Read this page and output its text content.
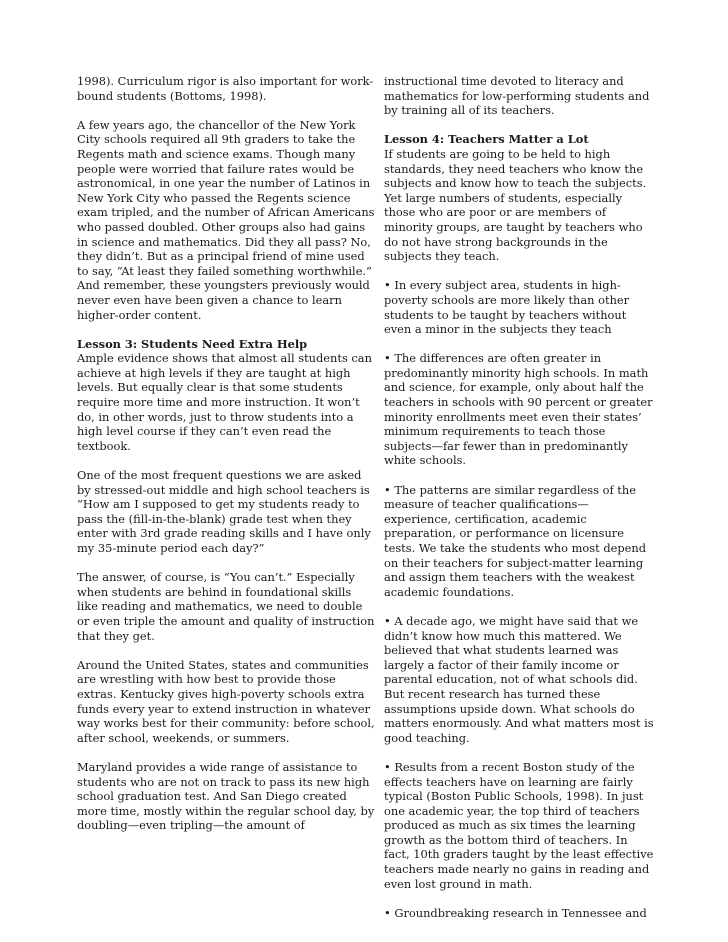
1998). Curriculum rigor is also important for work-bound students (Bottoms, 1998).

A few years ago, the chancellor of the New York City schools required all 9th graders to take the Regents math and science exams. Though many people were worried that failure rates would be astronomical, in one year the number of Latinos in New York City who passed the Regents science exam tripled, and the number of African Americans who passed doubled. Other groups also had gains in science and mathematics. Did they all pass? No, they didn’t. But as a principal friend of mine used to say, “At least they failed something worthwhile.” And remember, these youngsters previously would never even have been given a chance to learn higher-order content.

Lesson 3: Students Need Extra Help
Ample evidence shows that almost all students can achieve at high levels if they are taught at high levels. But equally clear is that some students require more time and more instruction. It won’t do, in other words, just to throw students into a high level course if they can’t even read the textbook.

One of the most frequent questions we are asked by stressed-out middle and high school teachers is “How am I supposed to get my students ready to pass the (fill-in-the-blank) grade test when they enter with 3rd grade reading skills and I have only my 35-minute period each day?”

The answer, of course, is “You can’t.” Especially when students are behind in foundational skills like reading and mathematics, we need to double or even triple the amount and quality of instruction that they get.

Around the United States, states and communities are wrestling with how best to provide those extras. Kentucky gives high-poverty schools extra funds every year to extend instruction in whatever way works best for their community: before school, after school, weekends, or summers.

Maryland provides a wide range of assistance to students who are not on track to pass its new high school graduation test. And San Diego created more time, mostly within the regular school day, by doubling—even tripling—the amount of

instructional time devoted to literacy and mathematics for low-performing students and by training all of its teachers.

Lesson 4: Teachers Matter a Lot
If students are going to be held to high standards, they need teachers who know the subjects and know how to teach the subjects. Yet large numbers of students, especially those who are poor or are members of minority groups, are taught by teachers who do not have strong backgrounds in the subjects they teach.

• In every subject area, students in high-poverty schools are more likely than other students to be taught by teachers without even a minor in the subjects they teach

• The differences are often greater in predominantly minority high schools. In math and science, for example, only about half the teachers in schools with 90 percent or greater minority enrollments meet even their states’ minimum requirements to teach those subjects—far fewer than in predominantly white schools.

• The patterns are similar regardless of the measure of teacher qualifications—experience, certification, academic preparation, or performance on licensure tests. We take the students who most depend on their teachers for subject-matter learning and assign them teachers with the weakest academic foundations.

• A decade ago, we might have said that we didn’t know how much this mattered. We believed that what students learned was largely a factor of their family income or parental education, not of what schools did. But recent research has turned these assumptions upside down. What schools do matters enormously. And what matters most is good teaching.

• Results from a recent Boston study of the effects teachers have on learning are fairly typical (Boston Public Schools, 1998). In just one academic year, the top third of teachers produced as much as six times the learning growth as the bottom third of teachers. In fact, 10th graders taught by the least effective teachers made nearly no gains in reading and even lost ground in math.

• Groundbreaking research in Tennessee and
